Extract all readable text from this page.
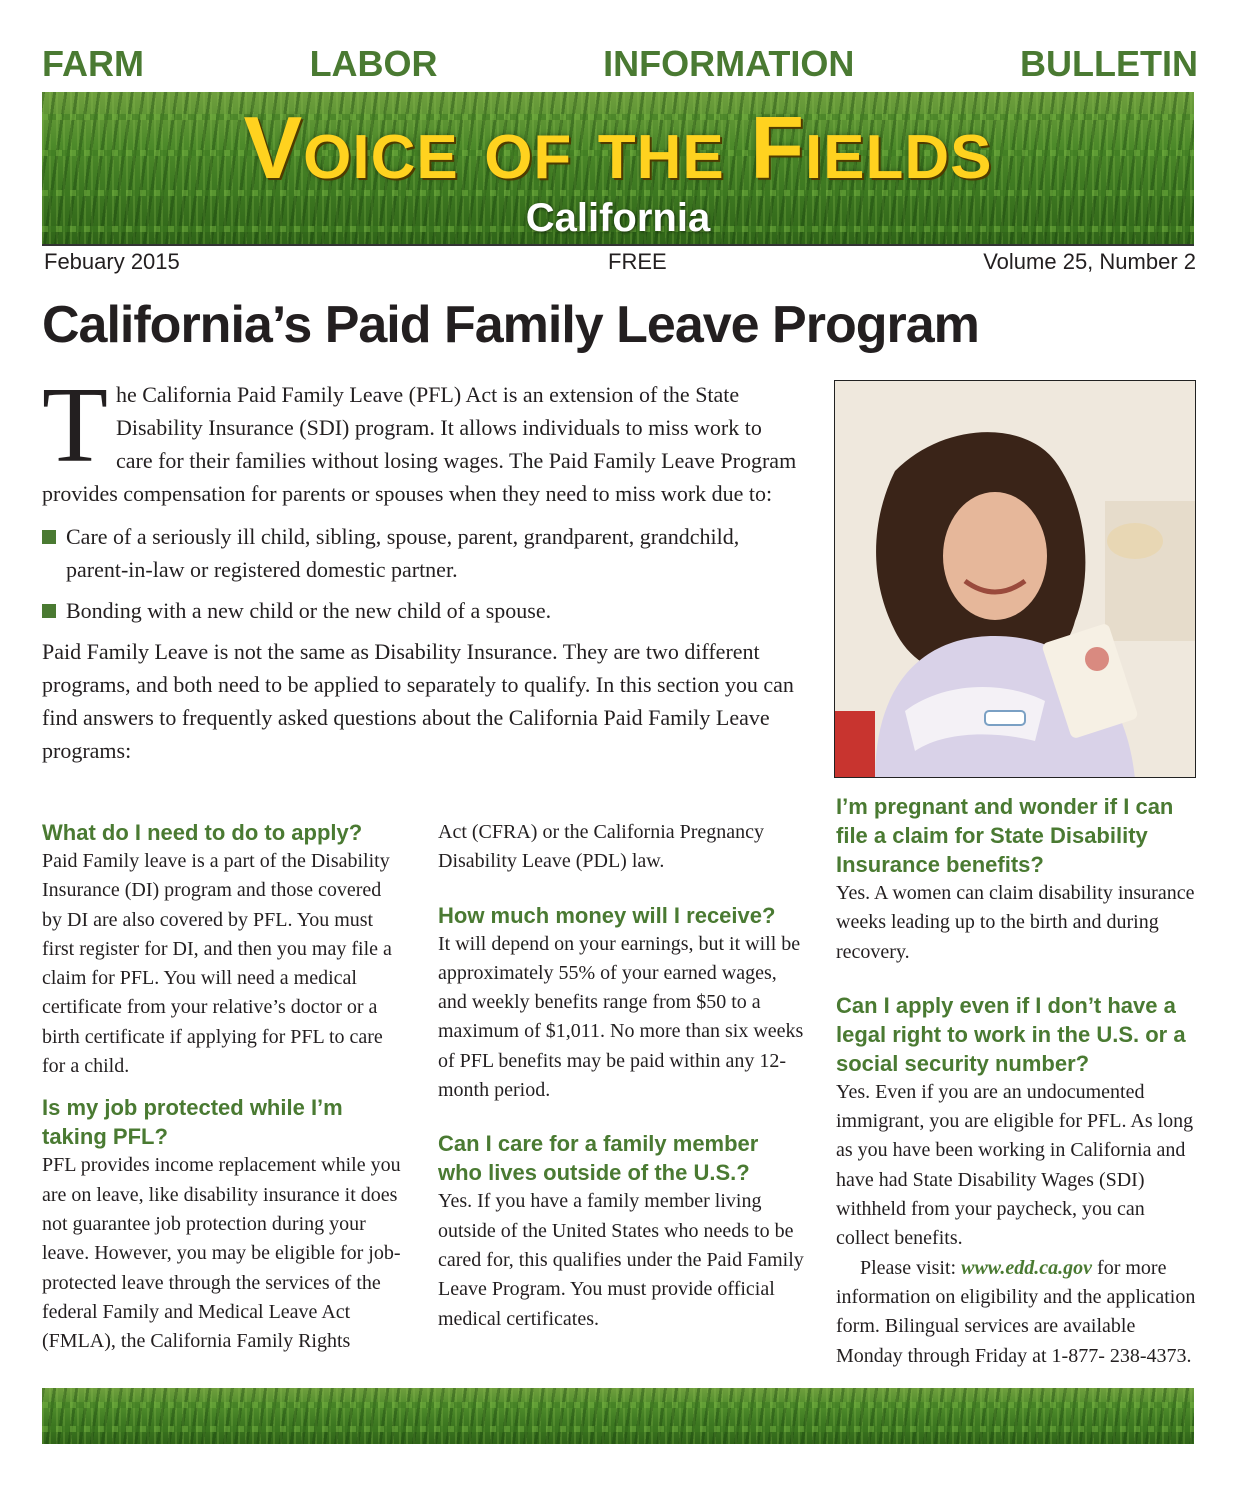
FARM	LABOR	INFORMATION	BULLETIN
Voice of the Fields
California
Febuary 2015	FREE	Volume 25, Number 2
California’s Paid Family Leave Program

The California Paid Family Leave (PFL) Act is an extension of the State Disability Insurance (SDI) program. It allows individuals to miss work to care for their families without losing wages. The Paid Family Leave Program provides compensation for parents or spouses when they need to miss work due to:

Care of a seriously ill child, sibling, spouse, parent, grandparent, grandchild, parent-in-law or registered domestic partner.
Bonding with a new child or the new child of a spouse.

Paid Family Leave is not the same as Disability Insurance. They are two different programs, and both need to be applied to separately to qualify. In this section you can find answers to frequently asked questions about the California Paid Family Leave programs:

What do I need to do to apply?

Paid Family leave is a part of the Disability Insurance (DI) program and those covered by DI are also covered by PFL. You must first register for DI, and then you may file a claim for PFL. You will need a medical certificate from your relative’s doctor or a birth certificate if applying for PFL to care for a child.

Is my job protected while I’m taking PFL?

PFL provides income replacement while you are on leave, like disability insurance it does not guarantee job protection during your leave. However, you may be eligible for job-protected leave through the services of the federal Family and Medical Leave Act (FMLA), the California Family Rights

Act (CFRA) or the California Pregnancy Disability Leave (PDL) law.

How much money will I receive?

It will depend on your earnings, but it will be approximately 55% of your earned wages, and weekly benefits range from $50 to a maximum of $1,011. No more than six weeks of PFL benefits may be paid within any 12-month period.

Can I care for a family member who lives outside of the U.S.?

Yes. If you have a family member living outside of the United States who needs to be cared for, this qualifies under the Paid Family Leave Program. You must provide official medical certificates.

I’m pregnant and wonder if I can file a claim for State Disability Insurance benefits?

Yes. A women can claim disability insurance weeks leading up to the birth and during recovery.

Can I apply even if I don’t have a legal right to work in the U.S. or a social security number?

Yes. Even if you are an undocumented immigrant, you are eligible for PFL. As long as you have been working in California and have had State Disability Wages (SDI) withheld from your paycheck, you can collect benefits.

Please visit: www.edd.ca.gov for more information on eligibility and the application form. Bilingual services are available Monday through Friday at 1-877- 238-4373.
